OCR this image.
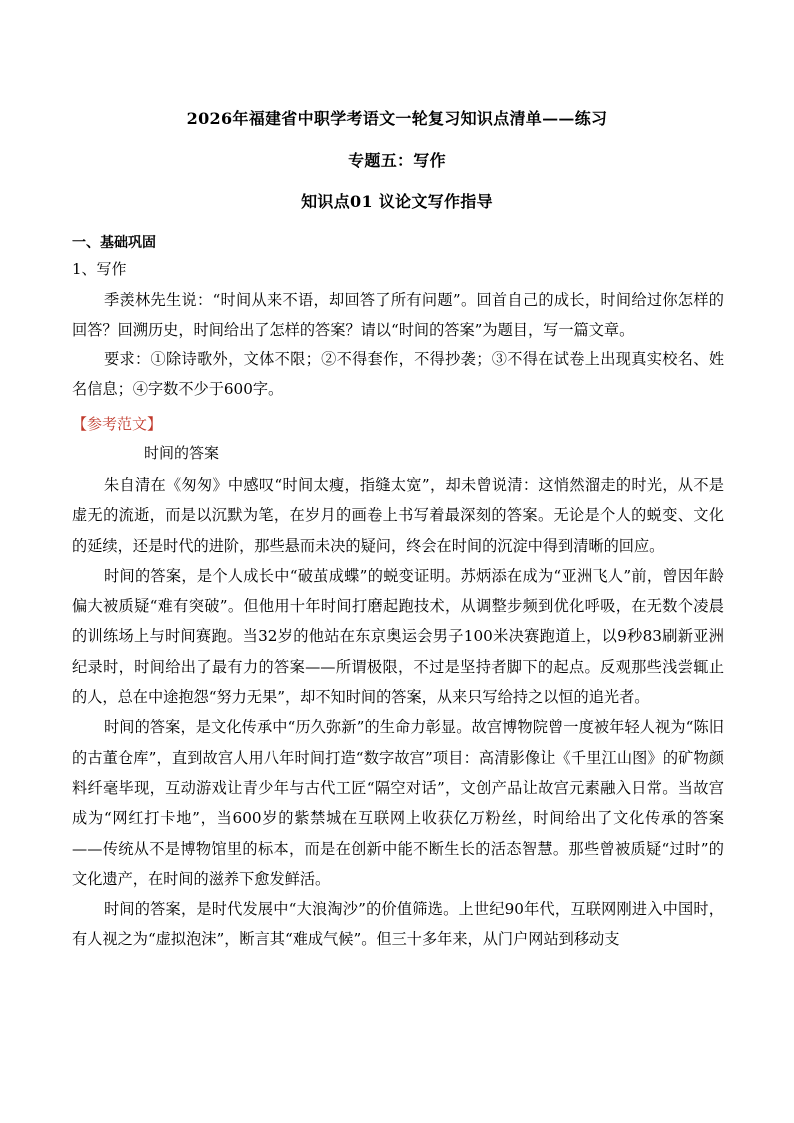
2026年福建省中职学考语文一轮复习知识点清单——练习
专题五：写作
知识点01 议论文写作指导
一、基础巩固
1、写作
季羡林先生说：“时间从来不语，却回答了所有问题”。回首自己的成长，时间给过你怎样的回答？回溯历史，时间给出了怎样的答案？请以“时间的答案”为题目，写一篇文章。
要求：①除诗歌外，文体不限；②不得套作，不得抄袭；③不得在试卷上出现真实校名、姓名信息；④字数不少于600字。
【参考范文】
时间的答案

朱自清在《匆匆》中感叹“时间太瘦，指缝太宽”，却未曾说清：这悄然溜走的时光，从不是虚无的流逝，而是以沉默为笔，在岁月的画卷上书写着最深刻的答案。无论是个人的蜕变、文化的延续，还是时代的进阶，那些悬而未决的疑问，终会在时间的沉淀中得到清晰的回应。

时间的答案，是个人成长中“破茧成蝶”的蜕变证明。苏炳添在成为“亚洲飞人”前，曾因年龄偏大被质疑“难有突破”。但他用十年时间打磨起跑技术，从调整步频到优化呼吸，在无数个凌晨的训练场上与时间赛跑。当32岁的他站在东京奥运会男子100米决赛跑道上，以9秒83刷新亚洲纪录时，时间给出了最有力的答案——所谓极限，不过是坚持者脚下的起点。反观那些浅尝辄止的人，总在中途抱怨“努力无果”，却不知时间的答案，从来只写给持之以恒的追光者。

时间的答案，是文化传承中“历久弥新”的生命力彰显。故宫博物院曾一度被年轻人视为“陈旧的古董仓库”，直到故宫人用八年时间打造“数字故宫”项目：高清影像让《千里江山图》的矿物颜料纤毫毕现，互动游戏让青少年与古代工匠“隔空对话”，文创产品让故宫元素融入日常。当故宫成为“网红打卡地”，当600岁的紫禁城在互联网上收获亿万粉丝，时间给出了文化传承的答案——传统从不是博物馆里的标本，而是在创新中能不断生长的活态智慧。那些曾被质疑“过时”的文化遗产，在时间的滋养下愈发鲜活。

时间的答案，是时代发展中“大浪淘沙”的价值筛选。上世纪90年代，互联网刚进入中国时，有人视之为“虚拟泡沫”，断言其“难成气候”。但三十多年来，从门户网站到移动支
